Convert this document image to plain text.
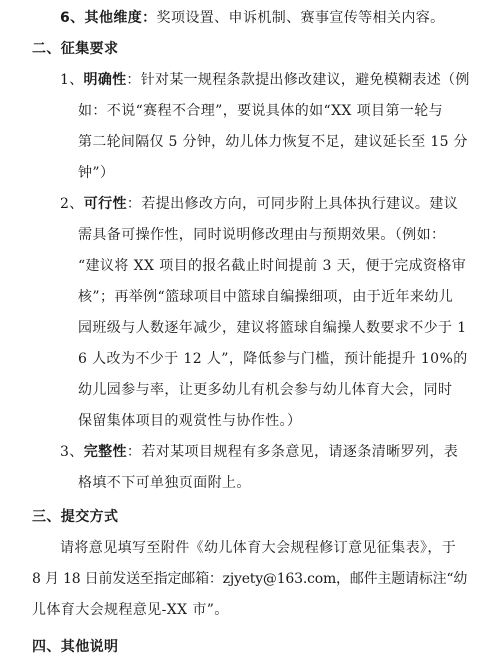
6、其他维度：奖项设置、申诉机制、赛事宣传等相关内容。
二、征集要求
1、明确性：针对某一规程条款提出修改建议，避免模糊表述（例
如：不说“赛程不合理”，要说具体的如“XX 项目第一轮与
第二轮间隔仅 5 分钟，幼儿体力恢复不足，建议延长至 15 分
钟”）
2、可行性：若提出修改方向，可同步附上具体执行建议。建议
需具备可操作性，同时说明修改理由与预期效果。（例如：
“建议将 XX 项目的报名截止时间提前 3 天，便于完成资格审
核”；再举例“篮球项目中篮球自编操细项，由于近年来幼儿
园班级与人数逐年减少，建议将篮球自编操人数要求不少于 1
6 人改为不少于 12 人”，降低参与门槛，预计能提升 10%的
幼儿园参与率，让更多幼儿有机会参与幼儿体育大会，同时
保留集体项目的观赏性与协作性。）
3、完整性：若对某项目规程有多条意见，请逐条清晰罗列，表
格填不下可单独页面附上。
三、提交方式
请将意见填写至附件《幼儿体育大会规程修订意见征集表》，于
8 月 18 日前发送至指定邮箱：zjyety@163.com，邮件主题请标注“幼
儿体育大会规程意见-XX 市”。
四、其他说明
